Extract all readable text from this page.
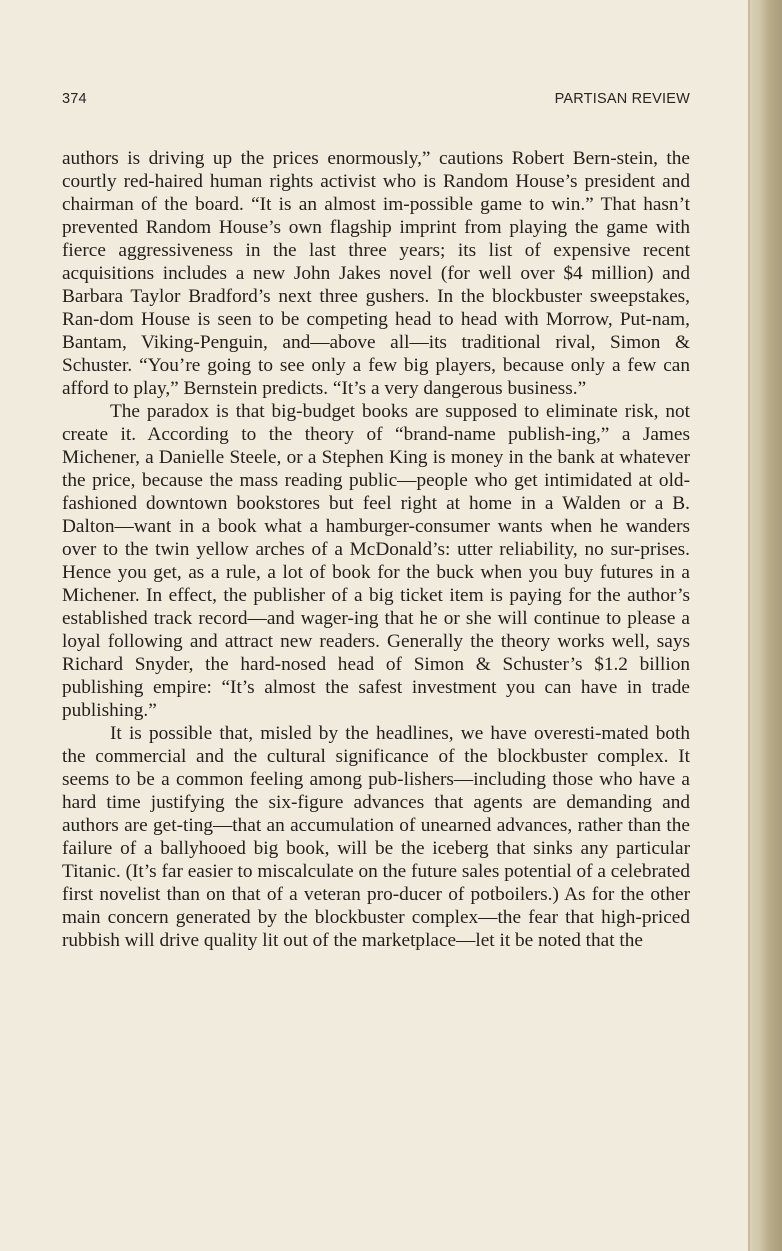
374	PARTISAN REVIEW

authors is driving up the prices enormously,” cautions Robert Bern-stein, the courtly red-haired human rights activist who is Random House’s president and chairman of the board. “It is an almost im-possible game to win.” That hasn’t prevented Random House’s own flagship imprint from playing the game with fierce aggressiveness in the last three years; its list of expensive recent acquisitions includes a new John Jakes novel (for well over $4 million) and Barbara Taylor Bradford’s next three gushers. In the blockbuster sweepstakes, Ran-dom House is seen to be competing head to head with Morrow, Put-nam, Bantam, Viking-Penguin, and—above all—its traditional rival, Simon & Schuster. “You’re going to see only a few big players, because only a few can afford to play,” Bernstein predicts. “It’s a very dangerous business.”

The paradox is that big-budget books are supposed to eliminate risk, not create it. According to the theory of “brand-name publish-ing,” a James Michener, a Danielle Steele, or a Stephen King is money in the bank at whatever the price, because the mass reading public—people who get intimidated at old-fashioned downtown bookstores but feel right at home in a Walden or a B. Dalton—want in a book what a hamburger-consumer wants when he wanders over to the twin yellow arches of a McDonald’s: utter reliability, no sur-prises. Hence you get, as a rule, a lot of book for the buck when you buy futures in a Michener. In effect, the publisher of a big ticket item is paying for the author’s established track record—and wager-ing that he or she will continue to please a loyal following and attract new readers. Generally the theory works well, says Richard Snyder, the hard-nosed head of Simon & Schuster’s $1.2 billion publishing empire: “It’s almost the safest investment you can have in trade publishing.”

It is possible that, misled by the headlines, we have overesti-mated both the commercial and the cultural significance of the blockbuster complex. It seems to be a common feeling among pub-lishers—including those who have a hard time justifying the six-figure advances that agents are demanding and authors are get-ting—that an accumulation of unearned advances, rather than the failure of a ballyhooed big book, will be the iceberg that sinks any particular Titanic. (It’s far easier to miscalculate on the future sales potential of a celebrated first novelist than on that of a veteran pro-ducer of potboilers.) As for the other main concern generated by the blockbuster complex—the fear that high-priced rubbish will drive quality lit out of the marketplace—let it be noted that the
